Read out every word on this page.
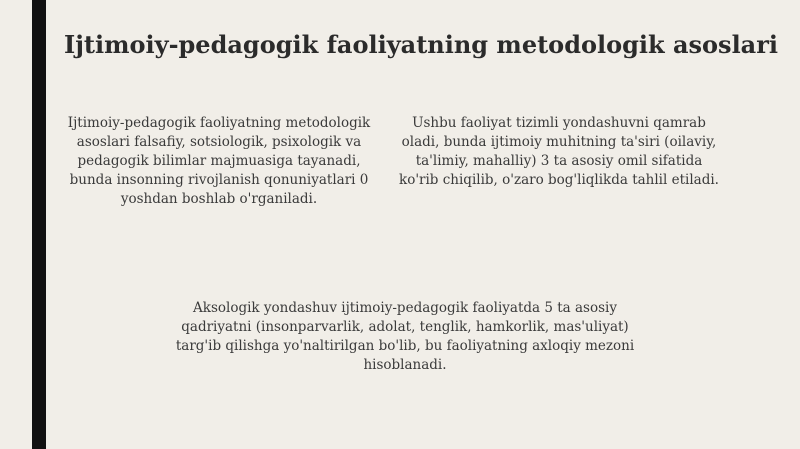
Ijtimoiy-pedagogik faoliyatning metodologik asoslari
Ijtimoiy-pedagogik faoliyatning metodologik asoslari falsafiy, sotsiologik, psixologik va pedagogik bilimlar majmuasiga tayanadi, bunda insonning rivojlanish qonuniyatlari 0 yoshdan boshlab o'rganiladi.
Ushbu faoliyat tizimli yondashuvni qamrab oladi, bunda ijtimoiy muhitning ta'siri (oilaviy, ta'limiy, mahalliy) 3 ta asosiy omil sifatida ko'rib chiqilib, o'zaro bog'liqlikda tahlil etiladi.
Aksologik yondashuv ijtimoiy-pedagogik faoliyatda 5 ta asosiy qadriyatni (insonparvarlik, adolat, tenglik, hamkorlik, mas'uliyat) targ'ib qilishga yo'naltirilgan bo'lib, bu faoliyatning axloqiy mezoni hisoblanadi.
